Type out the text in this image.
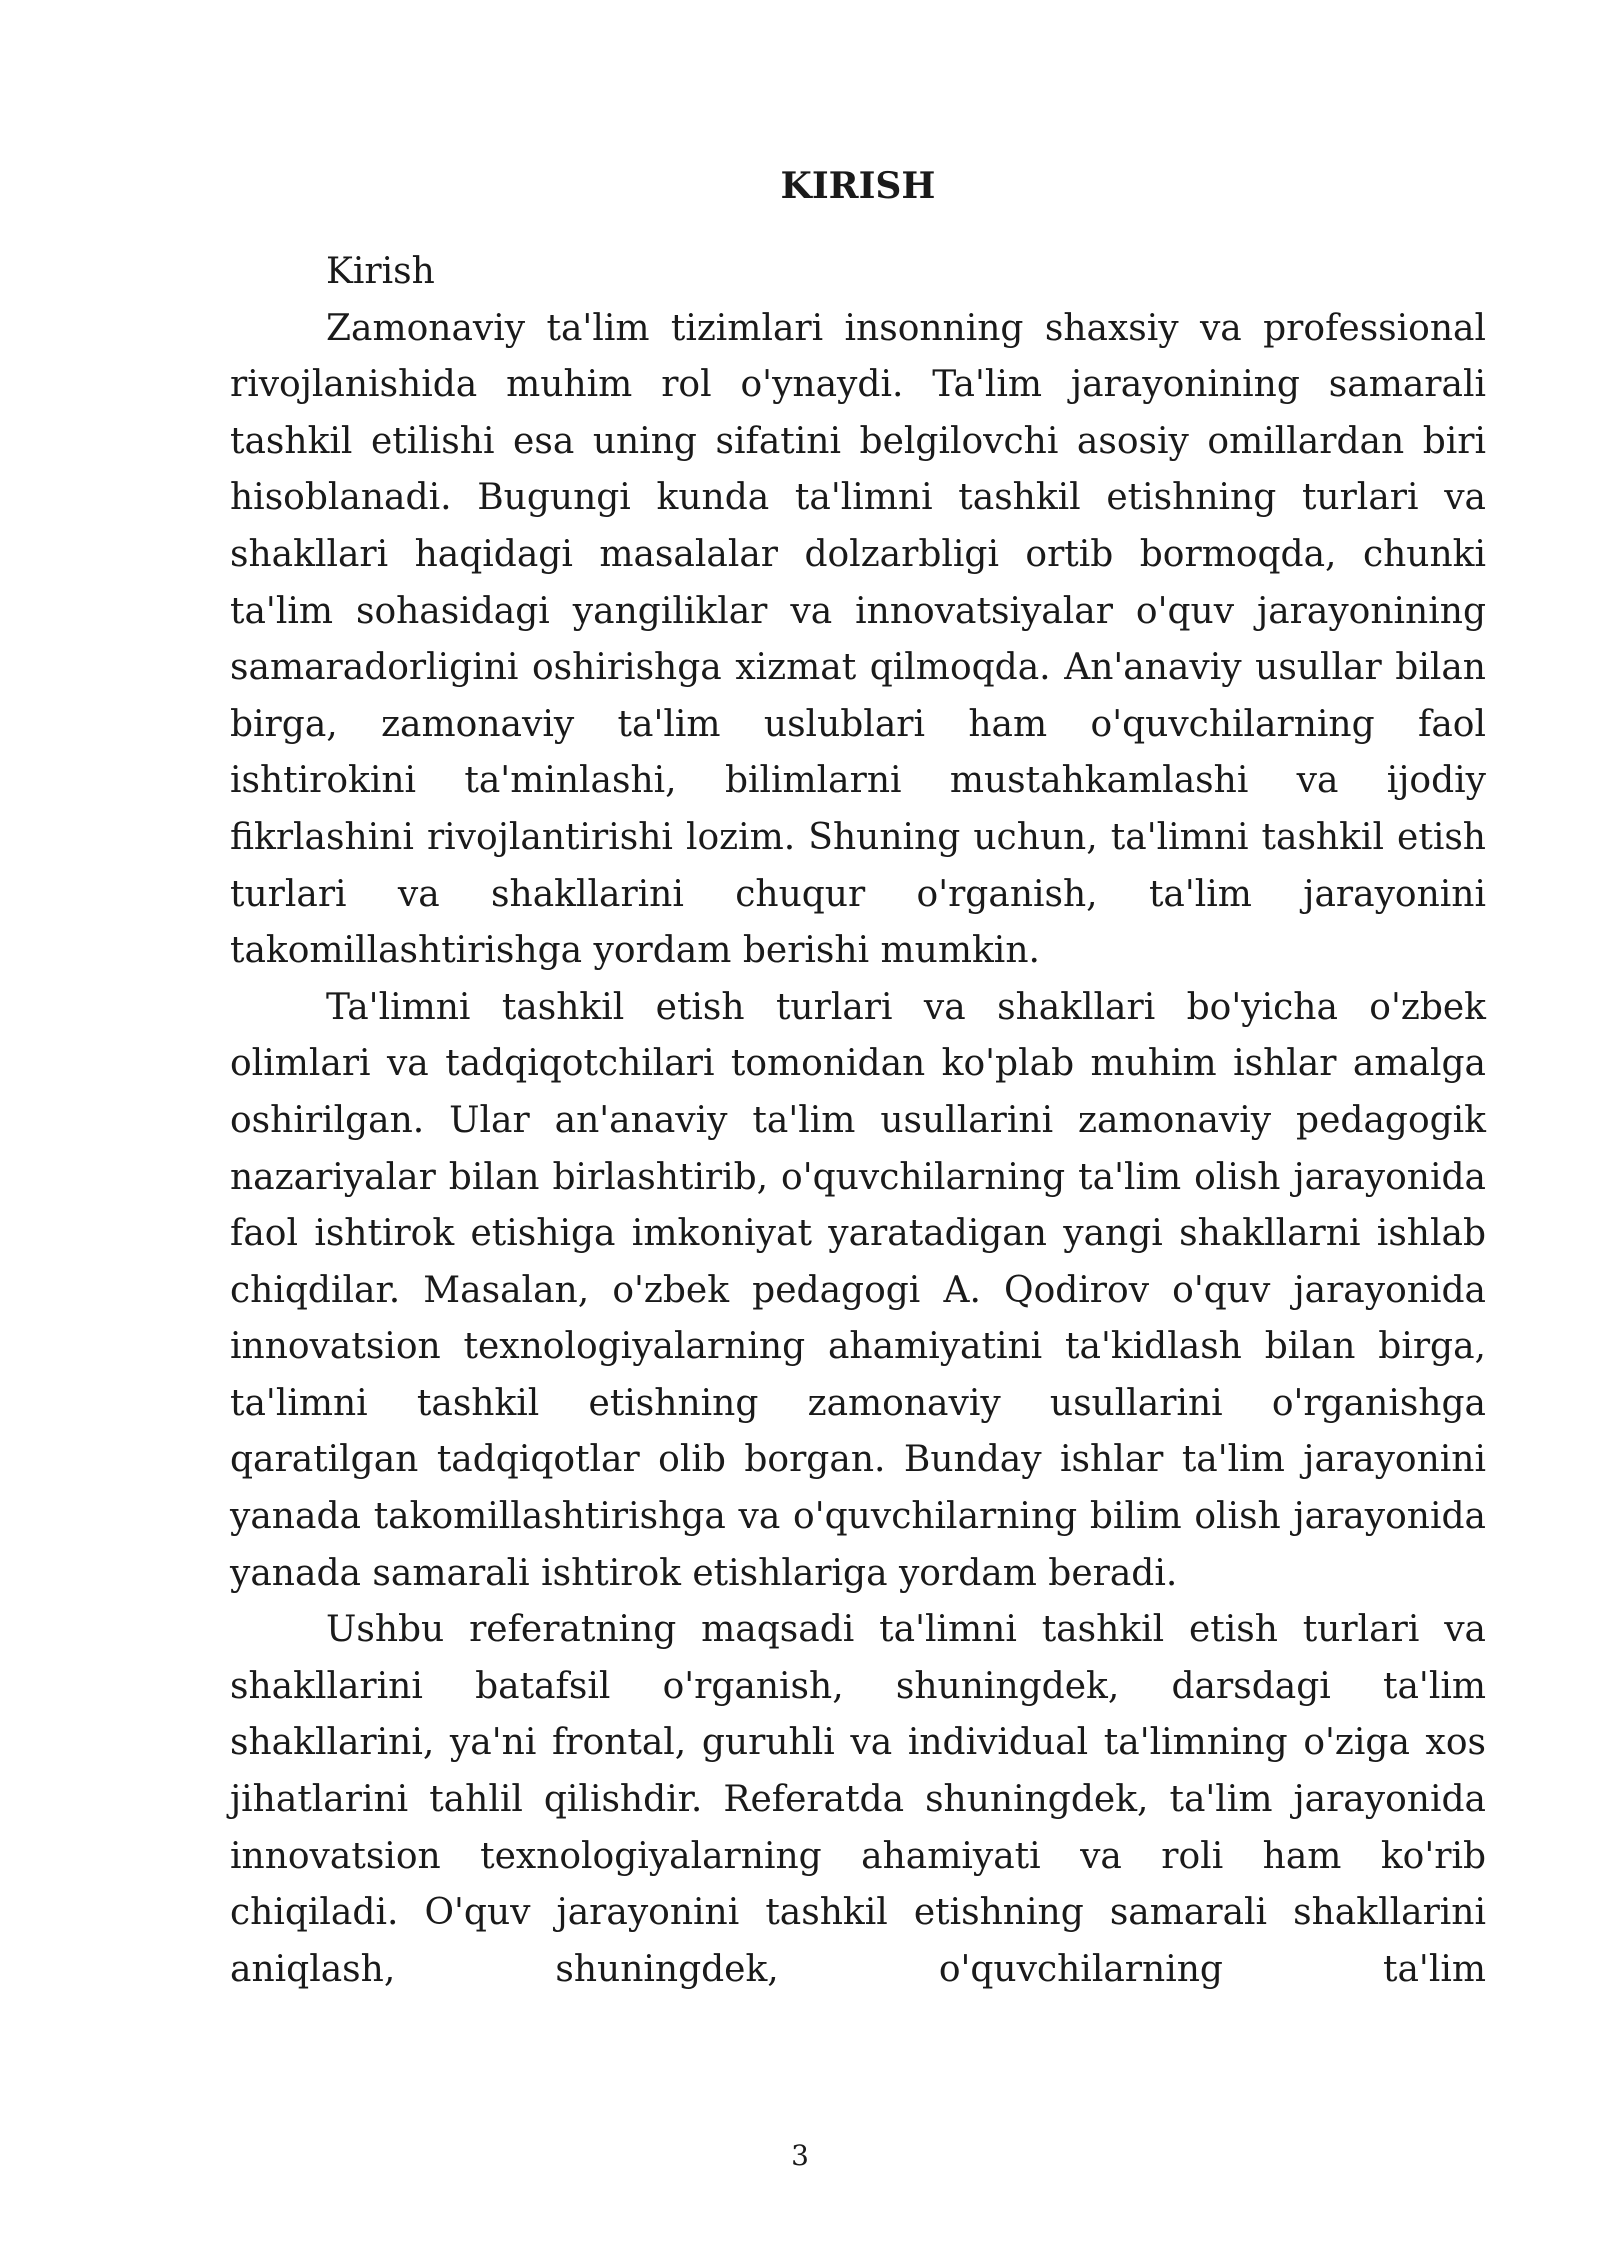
KIRISH

Kirish

Zamonaviy ta'lim tizimlari insonning shaxsiy va professional rivojlanishida muhim rol o'ynaydi. Ta'lim jarayonining samarali tashkil etilishi esa uning sifatini belgilovchi asosiy omillardan biri hisoblanadi. Bugungi kunda ta'limni tashkil etishning turlari va shakllari haqidagi masalalar dolzarbligi ortib bormoqda, chunki ta'lim sohasidagi yangiliklar va innovatsiyalar o'quv jarayonining samaradorligini oshirishga xizmat qilmoqda. An'anaviy usullar bilan birga, zamonaviy ta'lim uslublari ham o'quvchilarning faol ishtirokini ta'minlashi, bilimlarni mustahkamlashi va ijodiy fikrlashini rivojlantirishi lozim. Shuning uchun, ta'limni tashkil etish turlari va shakllarini chuqur o'rganish, ta'lim jarayonini takomillashtirishga yordam berishi mumkin.

Ta'limni tashkil etish turlari va shakllari bo'yicha o'zbek olimlari va tadqiqotchilari tomonidan ko'plab muhim ishlar amalga oshirilgan. Ular an'anaviy ta'lim usullarini zamonaviy pedagogik nazariyalar bilan birlashtirib, o'quvchilarning ta'lim olish jarayonida faol ishtirok etishiga imkoniyat yaratadigan yangi shakllarni ishlab chiqdilar. Masalan, o'zbek pedagogi A. Qodirov o'quv jarayonida innovatsion texnologiyalarning ahamiyatini ta'kidlash bilan birga, ta'limni tashkil etishning zamonaviy usullarini o'rganishga qaratilgan tadqiqotlar olib borgan. Bunday ishlar ta'lim jarayonini yanada takomillashtirishga va o'quvchilarning bilim olish jarayonida yanada samarali ishtirok etishlariga yordam beradi.

Ushbu referatning maqsadi ta'limni tashkil etish turlari va shakllarini batafsil o'rganish, shuningdek, darsdagi ta'lim shakllarini, ya'ni frontal, guruhli va individual ta'limning o'ziga xos jihatlarini tahlil qilishdir. Referatda shuningdek, ta'lim jarayonida innovatsion texnologiyalarning ahamiyati va roli ham ko'rib chiqiladi. O'quv jarayonini tashkil etishning samarali shakllarini aniqlash, shuningdek, o'quvchilarning ta'lim

3
